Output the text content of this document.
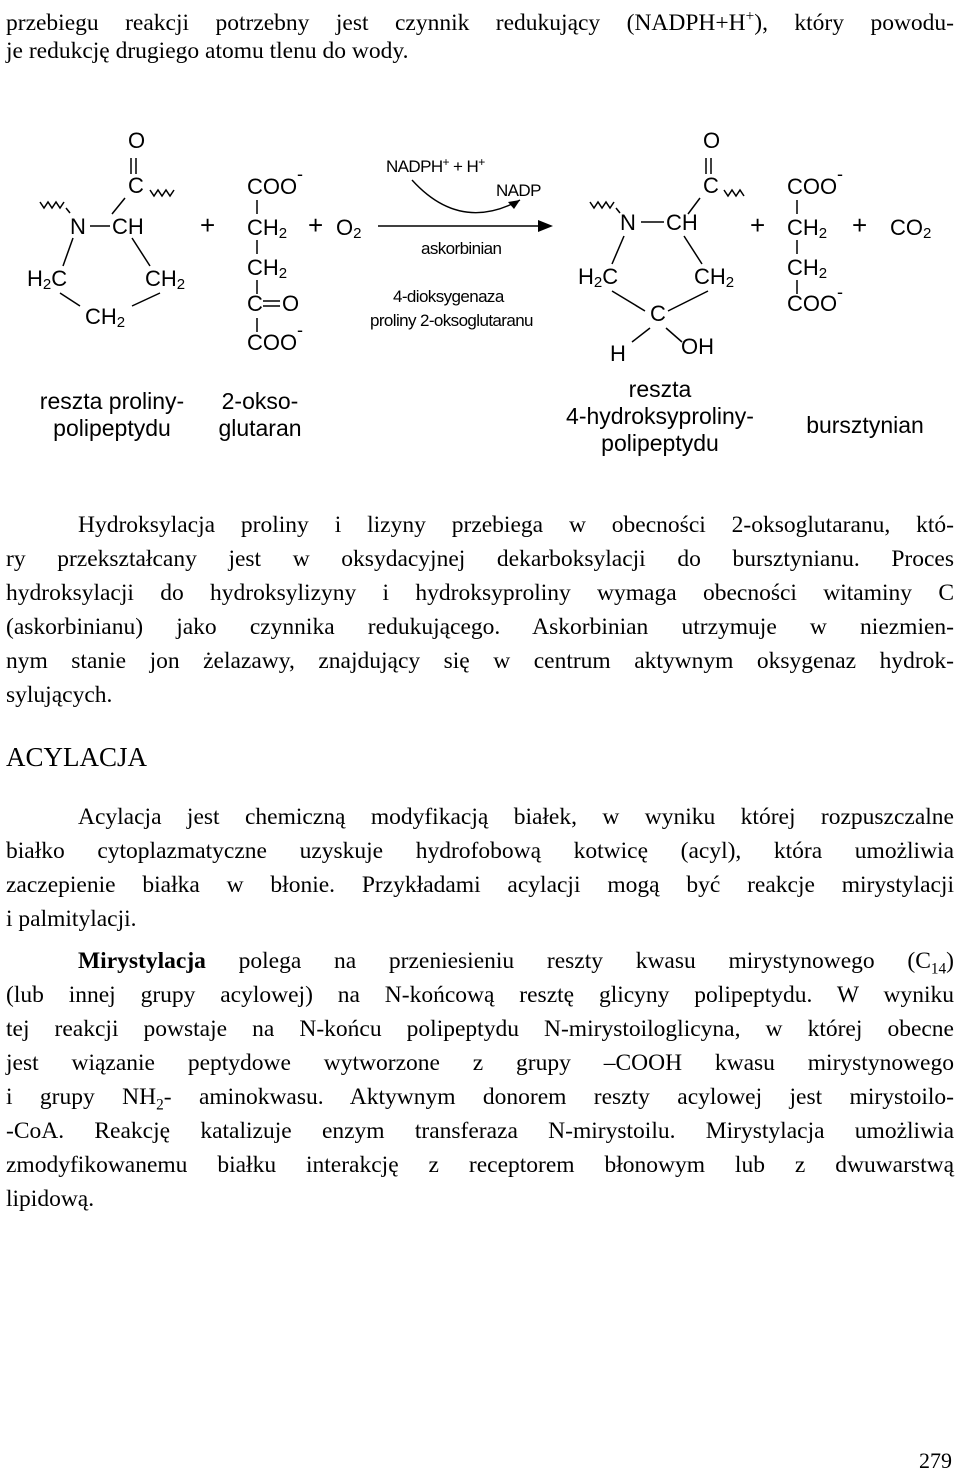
przebiegu reakcji potrzebny jest czynnik redukujący (NADPH+H+), który powodu-
je redukcję drugiego atomu tlenu do wody.
O
C
N CH
H2C	CH2
CH2
+
COO -
CH2
CH2
C O
COO -
+ O2
NADPH+ + H+
NADP
askorbinian
4-dioksygenaza
proliny 2-oksoglutaranu
O
C
N CH
H2C	CH2
C
H	OH
+
COO -
CH2
CH2
COO -
+ CO2
reszta proliny-
polipeptydu
2-okso-
glutaran
reszta
4-hydroksyproliny-
polipeptydu
bursztynian
Hydroksylacja proliny i lizyny przebiega w obecności 2-oksoglutaranu, któ-
ry przekształcany jest w oksydacyjnej dekarboksylacji do bursztynianu. Proces
hydroksylacji do hydroksylizyny i hydroksyproliny wymaga obecności witaminy C
(askorbinianu) jako czynnika redukującego. Askorbinian utrzymuje w niezmien-
nym stanie jon żelazawy, znajdujący się w centrum aktywnym oksygenaz hydrok-
sylujących.
ACYLACJA
Acylacja jest chemiczną modyfikacją białek, w wyniku której rozpuszczalne
białko cytoplazmatyczne uzyskuje hydrofobową kotwicę (acyl), która umożliwia
zaczepienie białka w błonie. Przykładami acylacji mogą być reakcje mirystylacji
i palmitylacji.
Mirystylacja polega na przeniesieniu reszty kwasu mirystynowego $(C_{14})$
(lub innej grupy acylowej) na N-końcową resztę glicyny polipeptydu. W wyniku
tej reakcji powstaje na N-końcu polipeptydu N-mirystoiloglicyna, w której obecne
jest wiązanie peptydowe wytworzone z grupy –COOH kwasu mirystynowego
i grupy $NH_2-$ aminokwasu. Aktywnym donorem reszty acylowej jest mirystoilo-
-CoA. Reakcję katalizuje enzym transferaza N-mirystoilu. Mirystylacja umożliwia
zmodyfikowanemu białku interakcję z receptorem błonowym lub z dwuwarstwą
lipidową.
279
